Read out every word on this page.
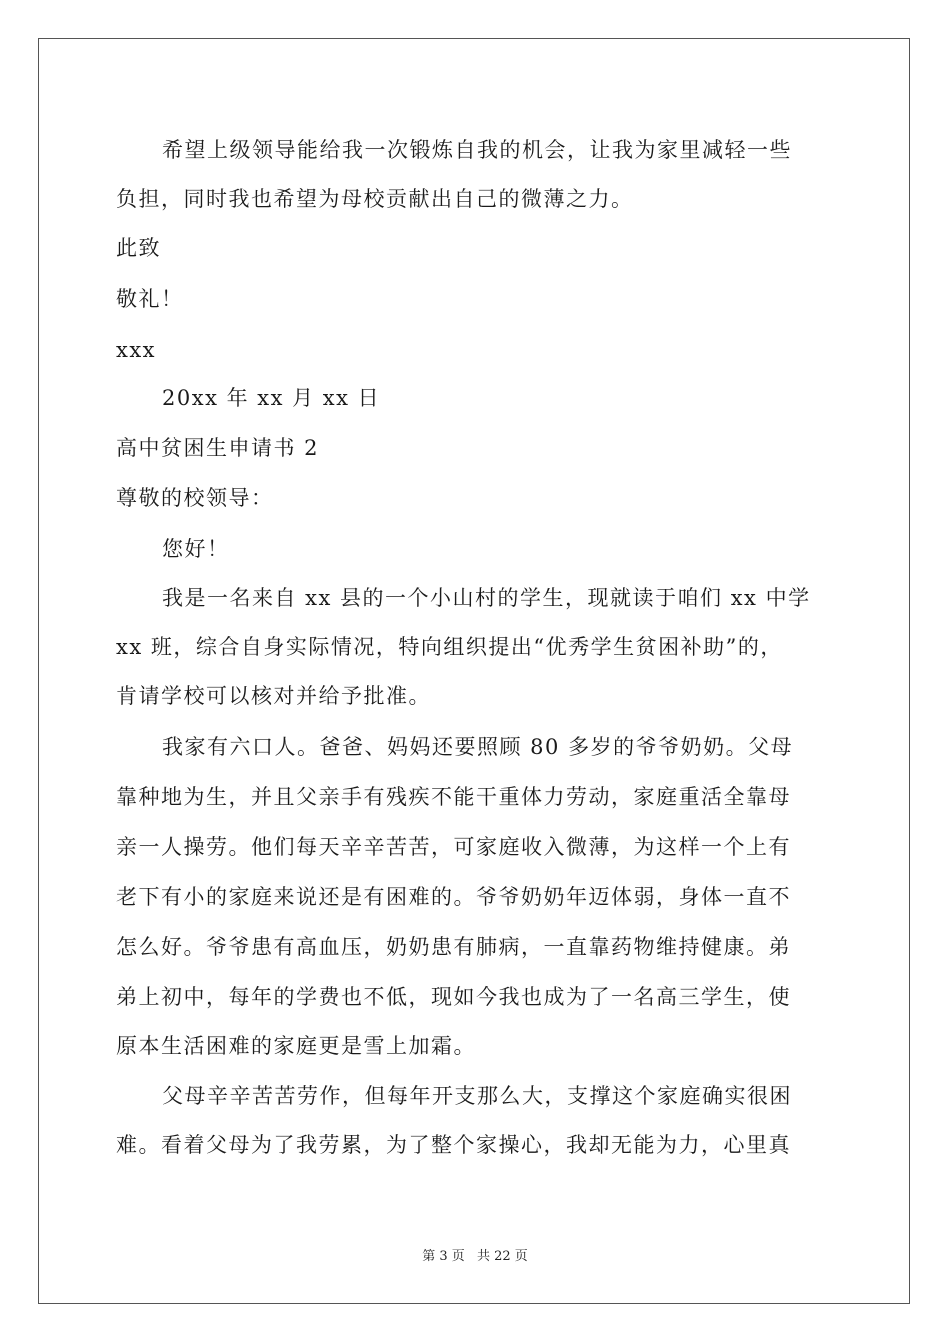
希望上级领导能给我一次锻炼自我的机会，让我为家里减轻一些
负担，同时我也希望为母校贡献出自己的微薄之力。
此致
敬礼！
xxx
20xx 年 xx 月 xx 日
高中贫困生申请书 2
尊敬的校领导：
您好！
我是一名来自 xx 县的一个小山村的学生，现就读于咱们 xx 中学
xx 班，综合自身实际情况，特向组织提出“优秀学生贫困补助”的，
肯请学校可以核对并给予批准。
我家有六口人。爸爸、妈妈还要照顾 80 多岁的爷爷奶奶。父母
靠种地为生，并且父亲手有残疾不能干重体力劳动，家庭重活全靠母
亲一人操劳。他们每天辛辛苦苦，可家庭收入微薄，为这样一个上有
老下有小的家庭来说还是有困难的。爷爷奶奶年迈体弱，身体一直不
怎么好。爷爷患有高血压，奶奶患有肺病，一直靠药物维持健康。弟
弟上初中，每年的学费也不低，现如今我也成为了一名高三学生，使
原本生活困难的家庭更是雪上加霜。
父母辛辛苦苦劳作，但每年开支那么大，支撑这个家庭确实很困
难。看着父母为了我劳累，为了整个家操心，我却无能为力，心里真
第 3 页 共 22 页
